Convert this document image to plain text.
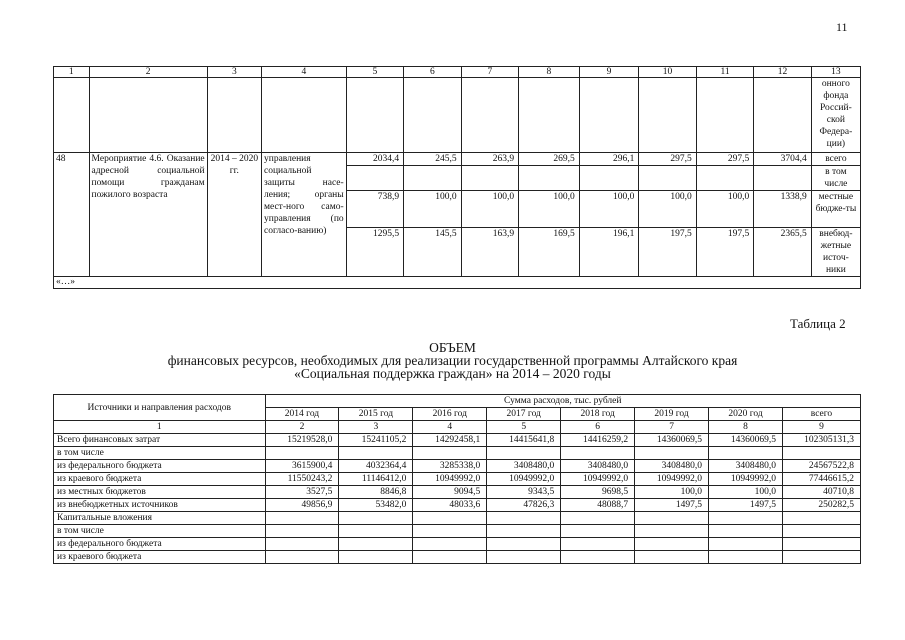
11
1	2	3	4	5	6	7	8	9	10	11	12	13
												онного фонда Россий-ской Федера-ции)
48	Мероприятие 4.6. Оказание адресной социальной помощи гражданам пожилого возраста	2014 – 2020 гг.	управления социальной защиты насе-ления; органы мест-ного само-управления (по согласо-ванию)	2034,4	245,5	263,9	269,5	296,1	297,5	297,5	3704,4	всего
												в том числе
				738,9	100,0	100,0	100,0	100,0	100,0	100,0	1338,9	местные бюдже-ты
				1295,5	145,5	163,9	169,5	196,1	197,5	197,5	2365,5	внебюд-жетные источ-ники
«…»												
Таблица 2
ОБЪЕМ
финансовых ресурсов, необходимых для реализации государственной программы Алтайского края
«Социальная поддержка граждан» на 2014 – 2020 годы
Источники и направления расходов	Сумма расходов, тыс. рублей							
	2014 год	2015 год	2016 год	2017 год	2018 год	2019 год	2020 год	всего
1	2	3	4	5	6	7	8	9
Всего финансовых затрат	15219528,0	15241105,2	14292458,1	14415641,8	14416259,2	14360069,5	14360069,5	102305131,3
в том числе								
из федерального бюджета	3615900,4	4032364,4	3285338,0	3408480,0	3408480,0	3408480,0	3408480,0	24567522,8
из краевого бюджета	11550243,2	11146412,0	10949992,0	10949992,0	10949992,0	10949992,0	10949992,0	77446615,2
из местных бюджетов	3527,5	8846,8	9094,5	9343,5	9698,5	100,0	100,0	40710,8
из внебюджетных источников	49856,9	53482,0	48033,6	47826,3	48088,7	1497,5	1497,5	250282,5
Капитальные вложения								
в том числе								
из федерального бюджета								
из краевого бюджета								
